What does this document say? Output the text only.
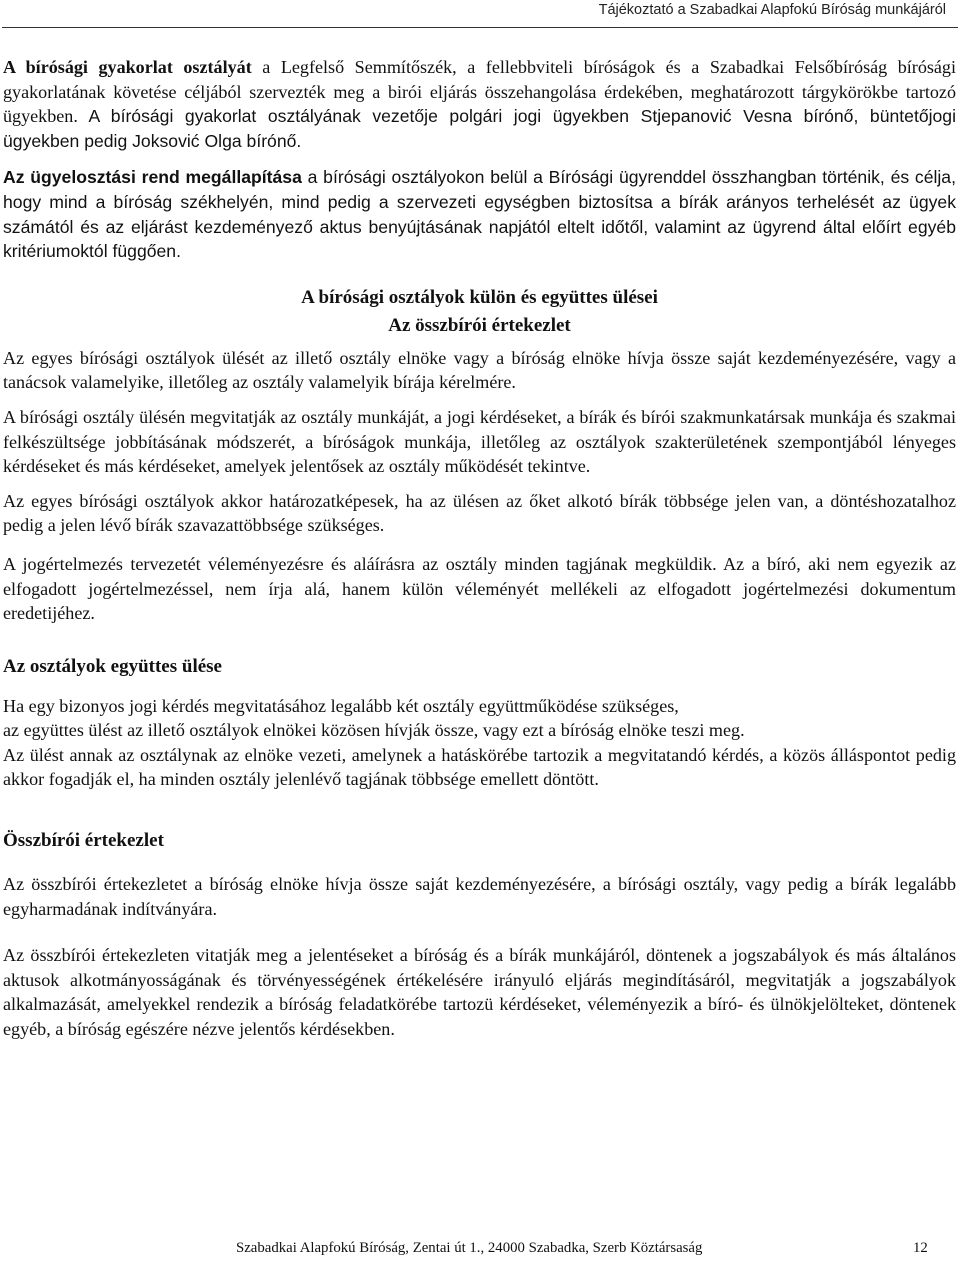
Tájékoztató a Szabadkai Alapfokú Bíróság munkájáról

A bírósági gyakorlat osztályát a Legfelső Semmítőszék, a fellebbviteli bíróságok és a Szabadkai Felsőbíróság bírósági gyakorlatának követése céljából szervezték meg a birói eljárás összehangolása érdekében, meghatározott tárgykörökbe tartozó ügyekben. A bírósági gyakorlat osztályának vezetője polgári jogi ügyekben Stjepanović Vesna bírónő, büntetőjogi ügyekben pedig Joksović Olga bírónő.

Az ügyelosztási rend megállapítása a bírósági osztályokon belül a Bírósági ügyrenddel összhangban történik, és célja, hogy mind a bíróság székhelyén, mind pedig a szervezeti egységben biztosítsa a bírák arányos terhelését az ügyek számától és az eljárást kezdeményező aktus benyújtásának napjától eltelt időtől, valamint az ügyrend által előírt egyéb kritériumoktól függően.

A bírósági osztályok külön és együttes ülései

Az összbírói értekezlet

Az egyes bírósági osztályok ülését az illető osztály elnöke vagy a bíróság elnöke hívja össze saját kezdeményezésére, vagy a tanácsok valamelyike, illetőleg az osztály valamelyik bírája kérelmére.

A bírósági osztály ülésén megvitatják az osztály munkáját, a jogi kérdéseket, a bírák és bírói szakmunkatársak munkája és szakmai felkészültsége jobbításának módszerét, a bíróságok munkája, illetőleg az osztályok szakterületének szempontjából lényeges kérdéseket és más kérdéseket, amelyek jelentősek az osztály működését tekintve.

Az egyes bírósági osztályok akkor határozatképesek, ha az ülésen az őket alkotó bírák többsége jelen van, a döntéshozatalhoz pedig a jelen lévő bírák szavazattöbbsége szükséges.

A jogértelmezés tervezetét véleményezésre és aláírásra az osztály minden tagjának megküldik. Az a bíró, aki nem egyezik az elfogadott jogértelmezéssel, nem írja alá, hanem külön véleményét mellékeli az elfogadott jogértelmezési dokumentum eredetijéhez.

Az osztályok együttes ülése

Ha egy bizonyos jogi kérdés megvitatásához legalább két osztály együttműködése szükséges,

az együttes ülést az illető osztályok elnökei közösen hívják össze, vagy ezt a bíróság elnöke teszi meg.

Az ülést annak az osztálynak az elnöke vezeti, amelynek a hatáskörébe tartozik a megvitatandó kérdés, a közös álláspontot pedig akkor fogadják el, ha minden osztály jelenlévő tagjának többsége emellett döntött.

Összbírói értekezlet

Az összbírói értekezletet a bíróság elnöke hívja össze saját kezdeményezésére, a bírósági osztály, vagy pedig a bírák legalább egyharmadának indítványára.

Az összbírói értekezleten vitatják meg a jelentéseket a bíróság és a bírák munkájáról, döntenek a jogszabályok és más általános aktusok alkotmányosságának és törvényességének értékelésére irányuló eljárás megindításáról, megvitatják a jogszabályok alkalmazását, amelyekkel rendezik a bíróság feladatkörébe tartozü kérdéseket, véleményezik a bíró- és ülnökjelölteket, döntenek egyéb, a bíróság egészére nézve jelentős kérdésekben.

Szabadkai Alapfokú Bíróság, Zentai út 1., 24000 Szabadka, Szerb Köztársaság	12
